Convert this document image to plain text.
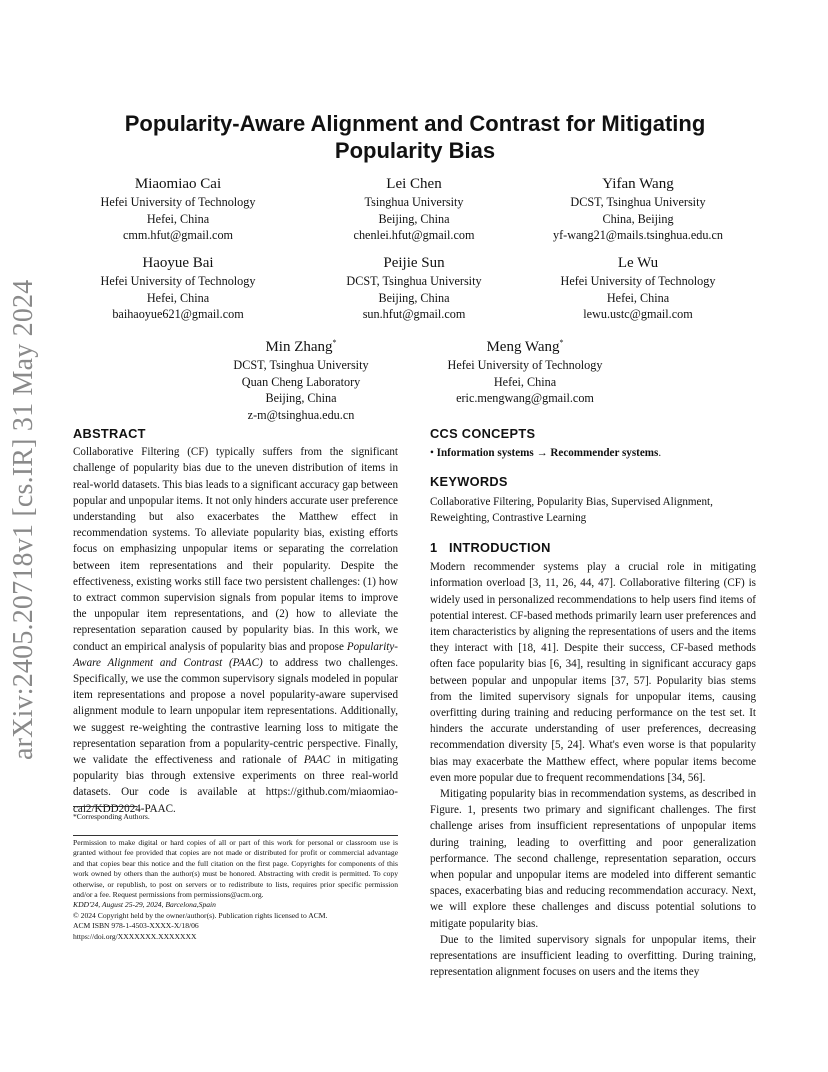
arXiv:2405.20718v1 [cs.IR] 31 May 2024
Popularity-Aware Alignment and Contrast for Mitigating
Popularity Bias
Miaomiao Cai
Hefei University of Technology
Hefei, China
cmm.hfut@gmail.com
Lei Chen
Tsinghua University
Beijing, China
chenlei.hfut@gmail.com
Yifan Wang
DCST, Tsinghua University
China, Beijing
yf-wang21@mails.tsinghua.edu.cn
Haoyue Bai
Hefei University of Technology
Hefei, China
baihaoyue621@gmail.com
Peijie Sun
DCST, Tsinghua University
Beijing, China
sun.hfut@gmail.com
Le Wu
Hefei University of Technology
Hefei, China
lewu.ustc@gmail.com
Min Zhang*
DCST, Tsinghua University
Quan Cheng Laboratory
Beijing, China
z-m@tsinghua.edu.cn
Meng Wang*
Hefei University of Technology
Hefei, China
eric.mengwang@gmail.com
ABSTRACT

Collaborative Filtering (CF) typically suffers from the significant challenge of popularity bias due to the uneven distribution of items in real-world datasets. This bias leads to a significant accuracy gap between popular and unpopular items. It not only hinders accurate user preference understanding but also exacerbates the Matthew effect in recommendation systems. To alleviate popularity bias, existing efforts focus on emphasizing unpopular items or separating the correlation between item representations and their popularity. Despite the effectiveness, existing works still face two persistent challenges: (1) how to extract common supervision signals from popular items to improve the unpopular item representations, and (2) how to alleviate the representation separation caused by popularity bias. In this work, we conduct an empirical analysis of popularity bias and propose Popularity-Aware Alignment and Contrast (PAAC) to address two challenges. Specifically, we use the common supervisory signals modeled in popular item representations and propose a novel popularity-aware supervised alignment module to learn unpopular item representations. Additionally, we suggest re-weighting the contrastive learning loss to mitigate the representation separation from a popularity-centric perspective. Finally, we validate the effectiveness and rationale of PAAC in mitigating popularity bias through extensive experiments on three real-world datasets. Our code is available at https://github.com/miaomiao-cai2/KDD2024-PAAC.

*Corresponding Authors.
Permission to make digital or hard copies of all or part of this work for personal or classroom use is granted without fee provided that copies are not made or distributed for profit or commercial advantage and that copies bear this notice and the full citation on the first page. Copyrights for components of this work owned by others than the author(s) must be honored. Abstracting with credit is permitted. To copy otherwise, or republish, to post on servers or to redistribute to lists, requires prior specific permission and/or a fee. Request permissions from permissions@acm.org.
KDD'24, August 25-29, 2024, Barcelona,Spain
© 2024 Copyright held by the owner/author(s). Publication rights licensed to ACM.
ACM ISBN 978-1-4503-XXXX-X/18/06
https://doi.org/XXXXXXX.XXXXXXX
CCS CONCEPTS

• Information systems → Recommender systems.

KEYWORDS

Collaborative Filtering, Popularity Bias, Supervised Alignment, Reweighting, Contrastive Learning

1   INTRODUCTION

Modern recommender systems play a crucial role in mitigating information overload [3, 11, 26, 44, 47]. Collaborative filtering (CF) is widely used in personalized recommendations to help users find items of potential interest. CF-based methods primarily learn user preferences and item characteristics by aligning the representations of users and the items they interact with [18, 41]. Despite their success, CF-based methods often face popularity bias [6, 34], resulting in significant accuracy gaps between popular and unpopular items [37, 57]. Popularity bias stems from the limited supervisory signals for unpopular items, causing overfitting during training and reducing performance on the test set. It hinders the accurate understanding of user preferences, decreasing recommendation diversity [5, 24]. What's even worse is that popularity bias may exacerbate the Matthew effect, where popular items become even more popular due to frequent recommendations [34, 56].

Mitigating popularity bias in recommendation systems, as described in Figure. 1, presents two primary and significant challenges. The first challenge arises from insufficient representations of unpopular items during training, leading to overfitting and poor generalization performance. The second challenge, representation separation, occurs when popular and unpopular items are modeled into different semantic spaces, exacerbating bias and reducing recommendation accuracy. Next, we will explore these challenges and discuss potential solutions to mitigate popularity bias.

Due to the limited supervisory signals for unpopular items, their representations are insufficient leading to overfitting. During training, representation alignment focuses on users and the items they
